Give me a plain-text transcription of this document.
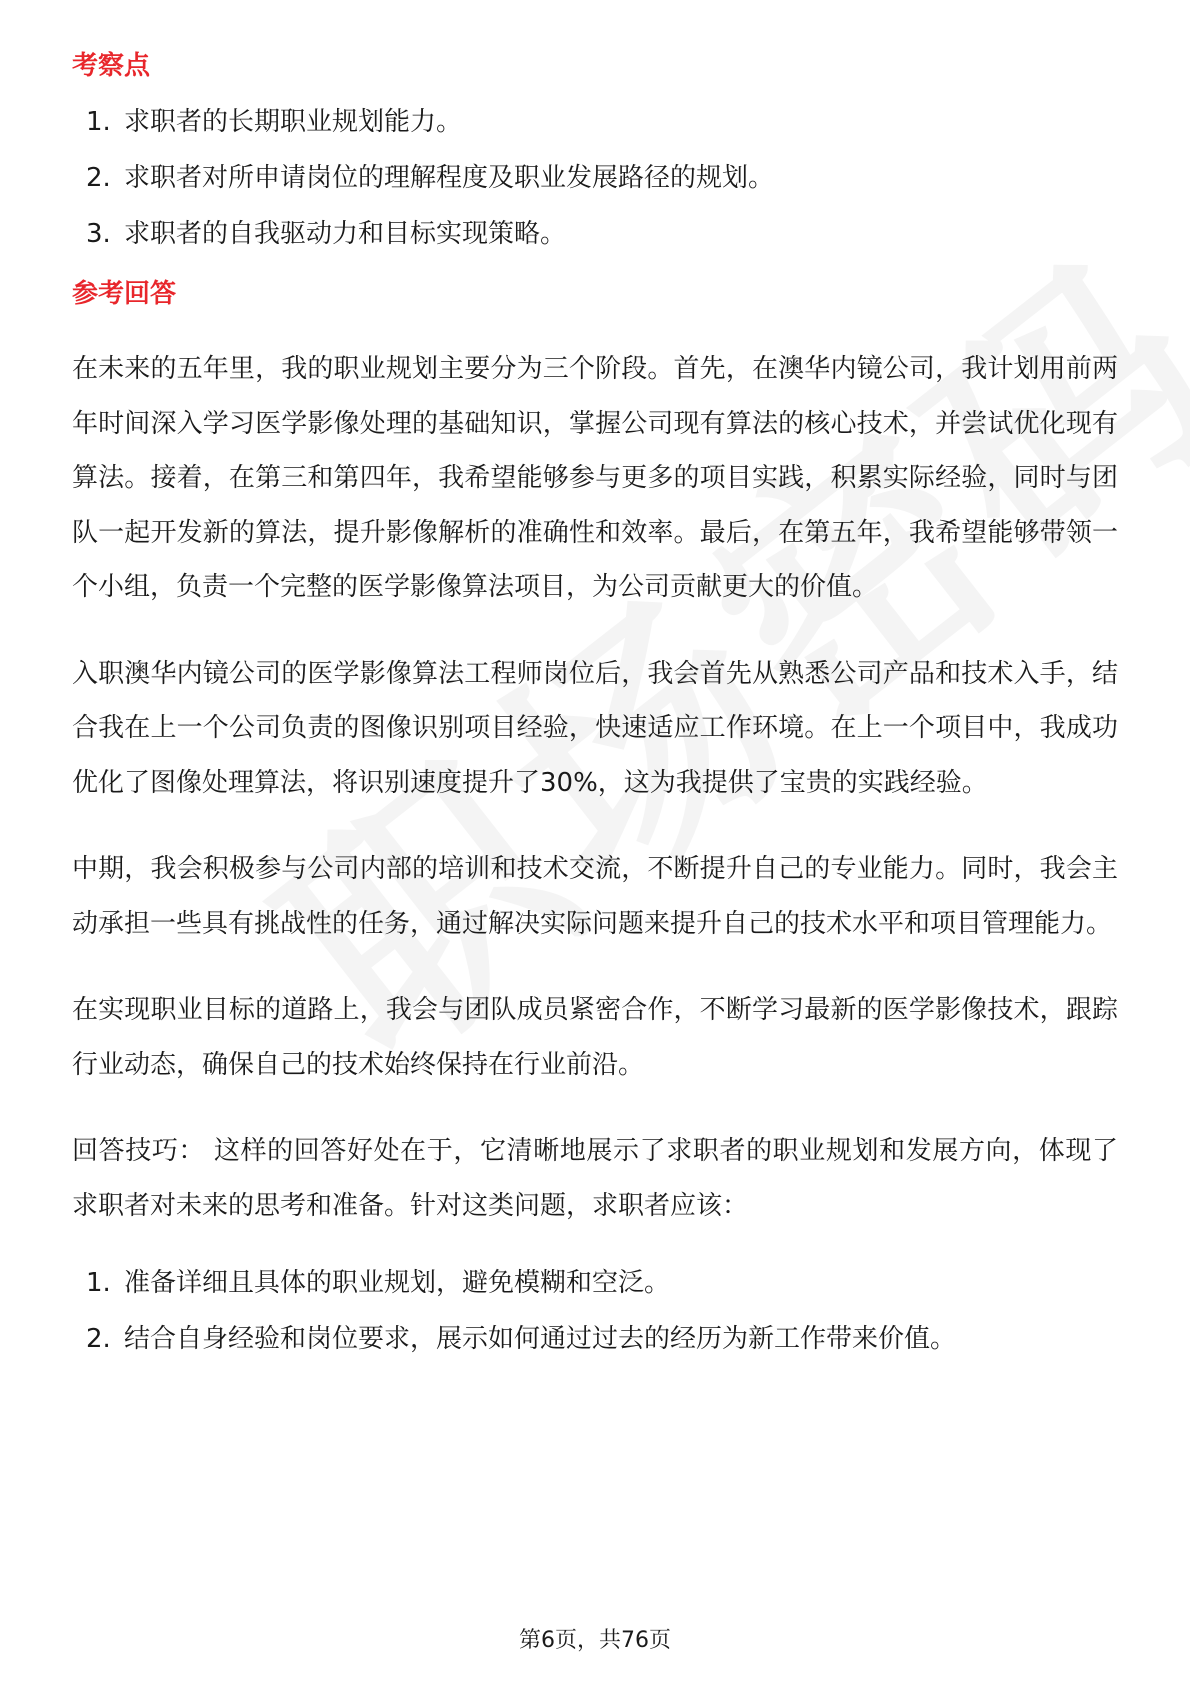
考察点
1. 求职者的长期职业规划能力。
2. 求职者对所申请岗位的理解程度及职业发展路径的规划。
3. 求职者的自我驱动力和目标实现策略。
参考回答

在未来的五年里，我的职业规划主要分为三个阶段。首先，在澳华内镜公司，我计划用前两年时间深入学习医学影像处理的基础知识，掌握公司现有算法的核心技术，并尝试优化现有算法。接着，在第三和第四年，我希望能够参与更多的项目实践，积累实际经验，同时与团队一起开发新的算法，提升影像解析的准确性和效率。最后，在第五年，我希望能够带领一个小组，负责一个完整的医学影像算法项目，为公司贡献更大的价值。

入职澳华内镜公司的医学影像算法工程师岗位后，我会首先从熟悉公司产品和技术入手，结合我在上一个公司负责的图像识别项目经验，快速适应工作环境。在上一个项目中，我成功优化了图像处理算法，将识别速度提升了30%，这为我提供了宝贵的实践经验。

中期，我会积极参与公司内部的培训和技术交流，不断提升自己的专业能力。同时，我会主动承担一些具有挑战性的任务，通过解决实际问题来提升自己的技术水平和项目管理能力。

在实现职业目标的道路上，我会与团队成员紧密合作，不断学习最新的医学影像技术，跟踪行业动态，确保自己的技术始终保持在行业前沿。

回答技巧： 这样的回答好处在于，它清晰地展示了求职者的职业规划和发展方向，体现了求职者对未来的思考和准备。针对这类问题，求职者应该：

1. 准备详细且具体的职业规划，避免模糊和空泛。
2. 结合自身经验和岗位要求，展示如何通过过去的经历为新工作带来价值。
第6页，共76页
